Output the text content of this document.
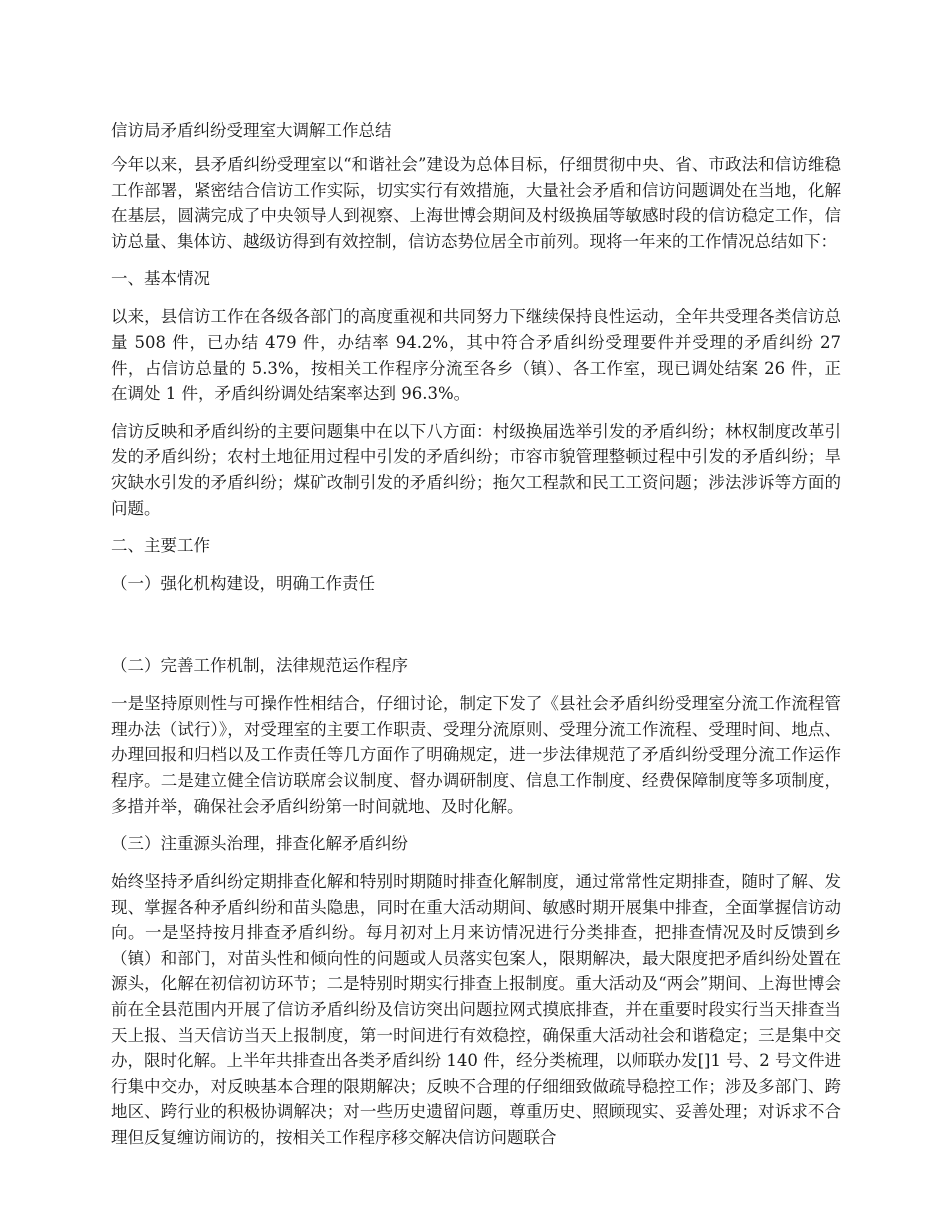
信访局矛盾纠纷受理室大调解工作总结

今年以来，县矛盾纠纷受理室以“和谐社会”建设为总体目标，仔细贯彻中央、省、市政法和信访维稳工作部署，紧密结合信访工作实际，切实实行有效措施，大量社会矛盾和信访问题调处在当地，化解在基层，圆满完成了中央领导人到视察、上海世博会期间及村级换届等敏感时段的信访稳定工作，信访总量、集体访、越级访得到有效控制，信访态势位居全市前列。现将一年来的工作情况总结如下：

一、基本情况

以来，县信访工作在各级各部门的高度重视和共同努力下继续保持良性运动，全年共受理各类信访总量 508 件，已办结 479 件，办结率 94.2%，其中符合矛盾纠纷受理要件并受理的矛盾纠纷 27 件，占信访总量的 5.3%，按相关工作程序分流至各乡（镇）、各工作室，现已调处结案 26 件，正在调处 1 件，矛盾纠纷调处结案率达到 96.3%。

信访反映和矛盾纠纷的主要问题集中在以下八方面：村级换届选举引发的矛盾纠纷；林权制度改革引发的矛盾纠纷；农村土地征用过程中引发的矛盾纠纷；市容市貌管理整顿过程中引发的矛盾纠纷；旱灾缺水引发的矛盾纠纷；煤矿改制引发的矛盾纠纷；拖欠工程款和民工工资问题；涉法涉诉等方面的问题。

二、主要工作

（一）强化机构建设，明确工作责任

（二）完善工作机制，法律规范运作程序

一是坚持原则性与可操作性相结合，仔细讨论，制定下发了《县社会矛盾纠纷受理室分流工作流程管理办法（试行）》，对受理室的主要工作职责、受理分流原则、受理分流工作流程、受理时间、地点、办理回报和归档以及工作责任等几方面作了明确规定，进一步法律规范了矛盾纠纷受理分流工作运作程序。二是建立健全信访联席会议制度、督办调研制度、信息工作制度、经费保障制度等多项制度，多措并举，确保社会矛盾纠纷第一时间就地、及时化解。

（三）注重源头治理，排查化解矛盾纠纷

始终坚持矛盾纠纷定期排查化解和特别时期随时排查化解制度，通过常常性定期排查，随时了解、发现、掌握各种矛盾纠纷和苗头隐患，同时在重大活动期间、敏感时期开展集中排查，全面掌握信访动向。一是坚持按月排查矛盾纠纷。每月初对上月来访情况进行分类排查，把排查情况及时反馈到乡（镇）和部门，对苗头性和倾向性的问题或人员落实包案人，限期解决，最大限度把矛盾纠纷处置在源头，化解在初信初访环节；二是特别时期实行排查上报制度。重大活动及“两会”期间、上海世博会前在全县范围内开展了信访矛盾纠纷及信访突出问题拉网式摸底排查，并在重要时段实行当天排查当天上报、当天信访当天上报制度，第一时间进行有效稳控，确保重大活动社会和谐稳定；三是集中交办，限时化解。上半年共排查出各类矛盾纠纷 140 件，经分类梳理，以师联办发[]1 号、2 号文件进行集中交办，对反映基本合理的限期解决；反映不合理的仔细细致做疏导稳控工作；涉及多部门、跨地区、跨行业的积极协调解决；对一些历史遗留问题，尊重历史、照顾现实、妥善处理；对诉求不合理但反复缠访闹访的，按相关工作程序移交解决信访问题联合
